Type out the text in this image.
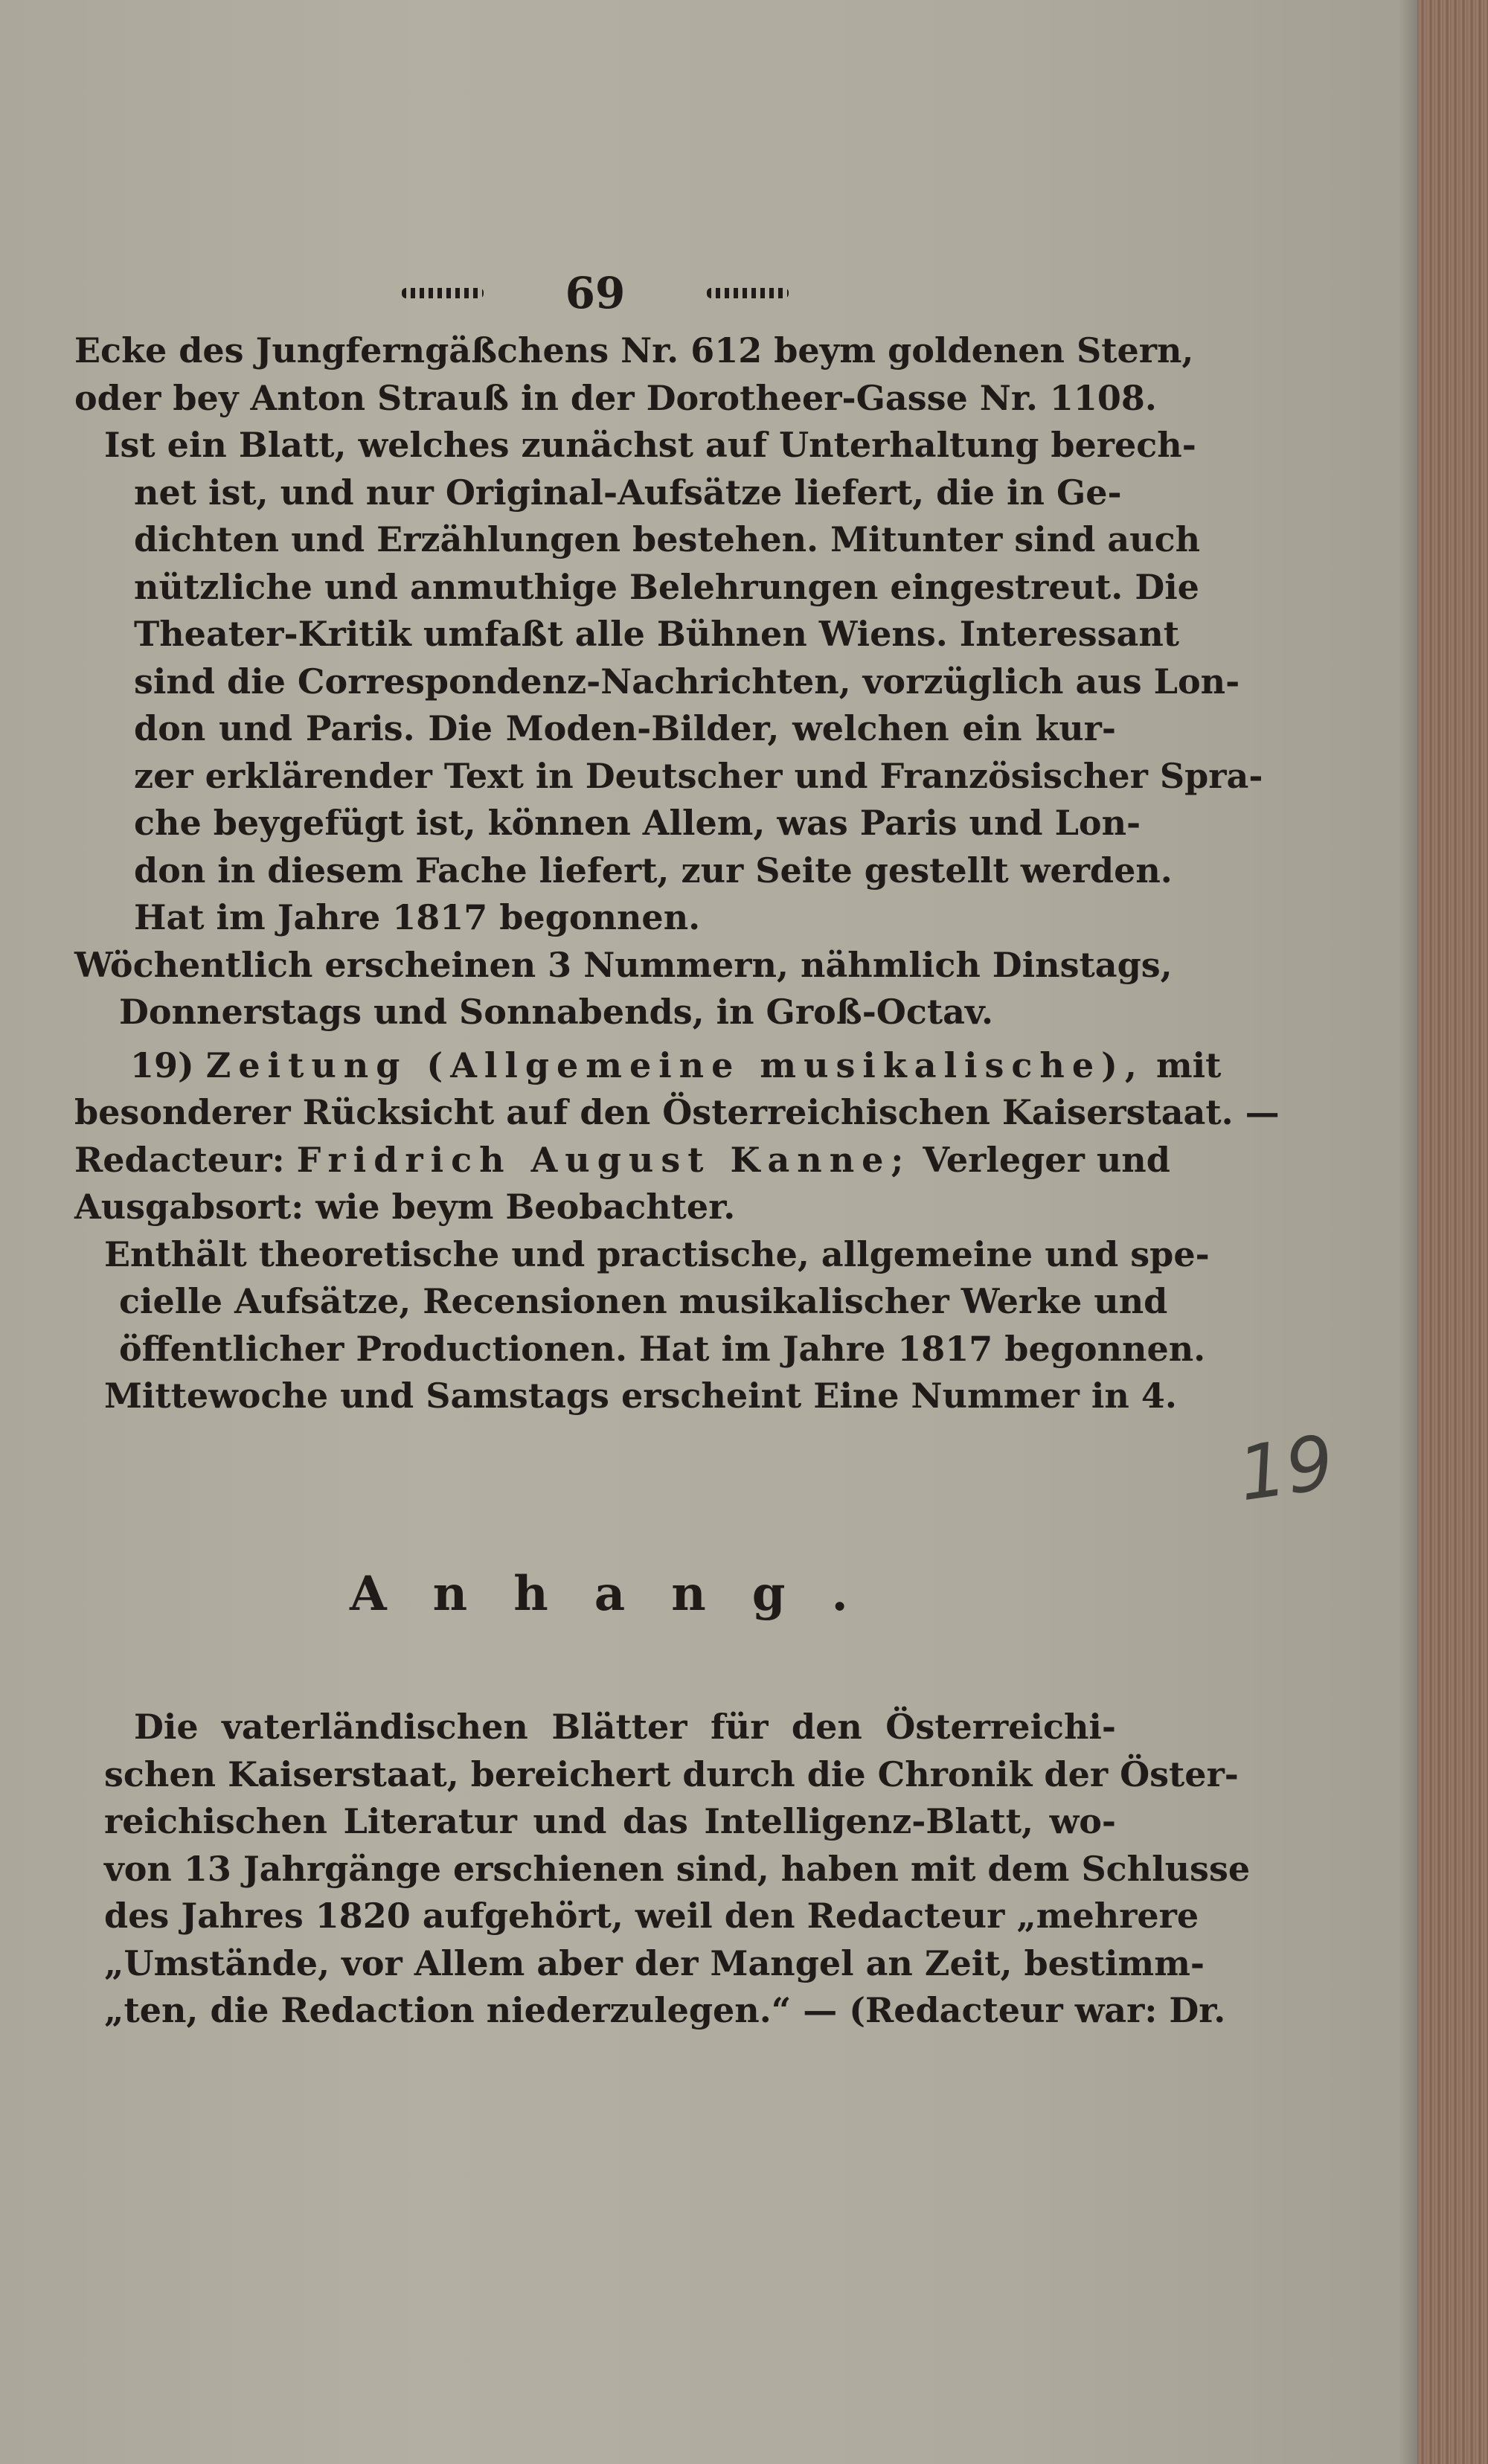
69
Ecke des Jungferngäßchens Nr. 612 beym goldenen Stern,
oder bey Anton Strauß in der Dorotheer-Gasse Nr. 1108.
Ist ein Blatt, welches zunächst auf Unterhaltung berech-
net ist, und nur Original-Aufsätze liefert, die in Ge-
dichten und Erzählungen bestehen. Mitunter sind auch
nützliche und anmuthige Belehrungen eingestreut. Die
Theater-Kritik umfaßt alle Bühnen Wiens. Interessant
sind die Correspondenz-Nachrichten, vorzüglich aus Lon-
don und Paris. Die Moden-Bilder, welchen ein kur-
zer erklärender Text in Deutscher und Französischer Spra-
che beygefügt ist, können Allem, was Paris und Lon-
don in diesem Fache liefert, zur Seite gestellt werden.
Hat im Jahre 1817 begonnen.
Wöchentlich erscheinen 3 Nummern, nähmlich Dinstags,
Donnerstags und Sonnabends, in Groß-Octav.
19) Zeitung (Allgemeine musikalische), mit
besonderer Rücksicht auf den Österreichischen Kaiserstaat. —
Redacteur: Fridrich August Kanne; Verleger und
Ausgabsort: wie beym Beobachter.
Enthält theoretische und practische, allgemeine und spe-
cielle Aufsätze, Recensionen musikalischer Werke und
öffentlicher Productionen. Hat im Jahre 1817 begonnen.
Mittewoche und Samstags erscheint Eine Nummer in 4.
19
Anhang.
Die vaterländischen Blätter für den Österreichi-
schen Kaiserstaat, bereichert durch die Chronik der Öster-
reichischen Literatur und das Intelligenz-Blatt, wo-
von 13 Jahrgänge erschienen sind, haben mit dem Schlusse
des Jahres 1820 aufgehört, weil den Redacteur „mehrere
„Umstände, vor Allem aber der Mangel an Zeit, bestimm-
„ten, die Redaction niederzulegen.“ — (Redacteur war: Dr.
